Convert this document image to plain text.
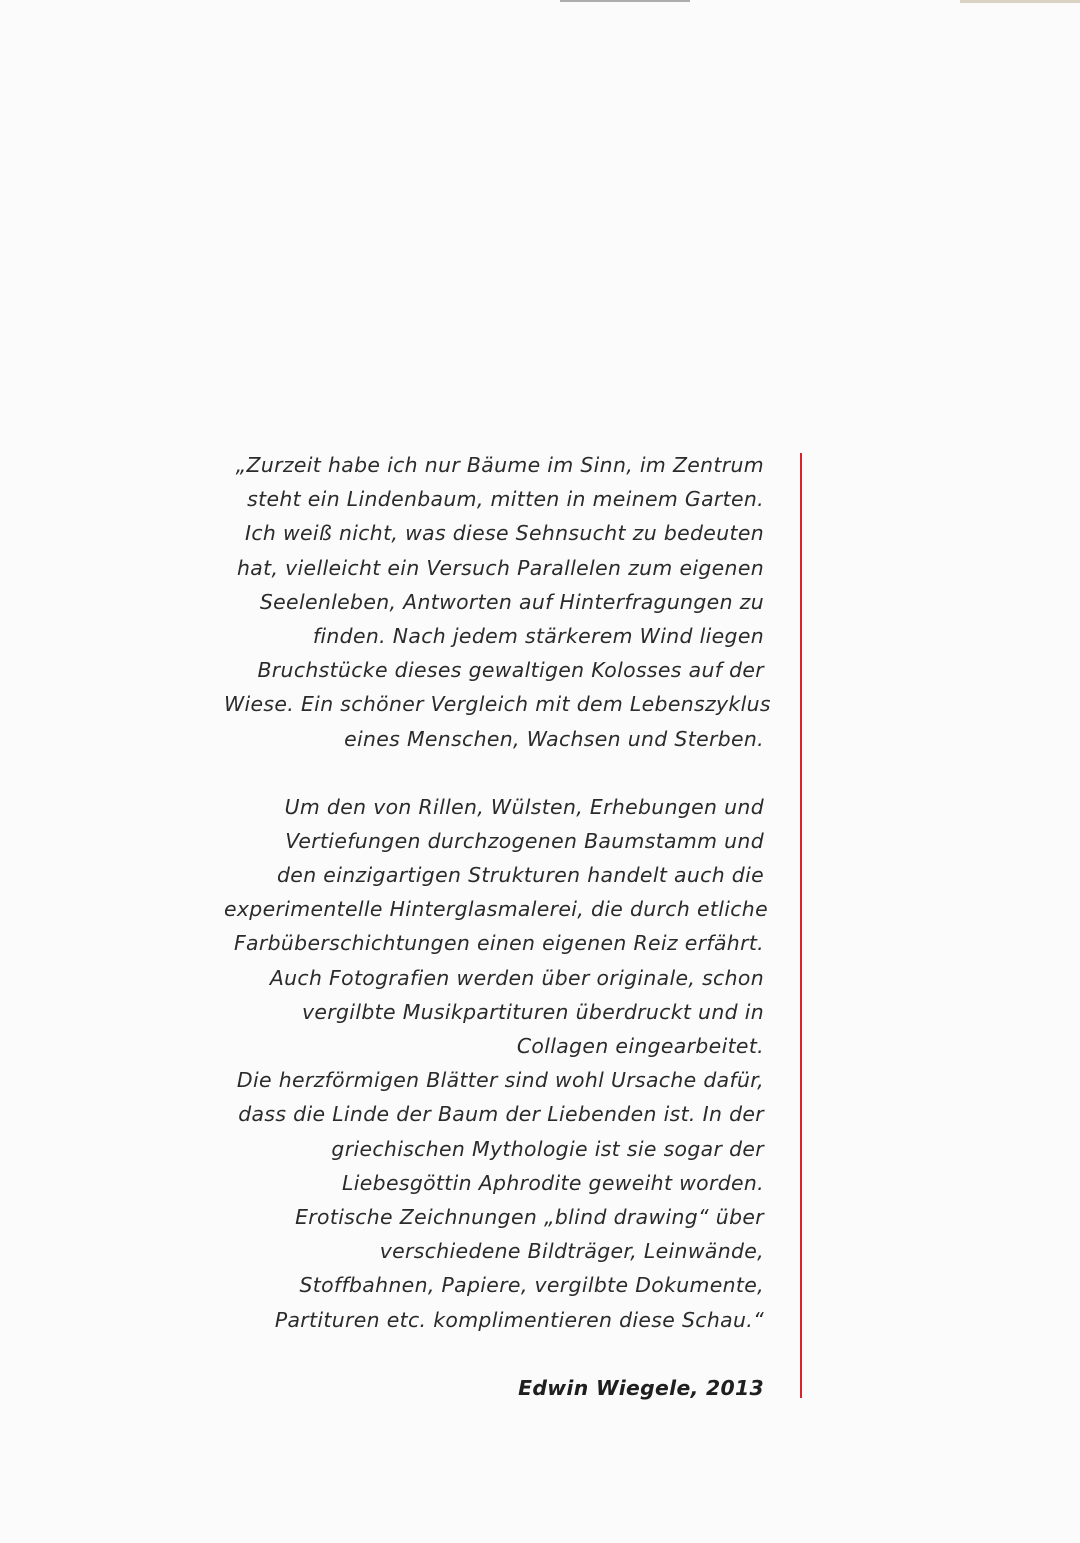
„Zurzeit habe ich nur Bäume im Sinn, im Zentrum
steht ein Lindenbaum, mitten in meinem Garten.
Ich weiß nicht, was diese Sehnsucht zu bedeuten
hat, vielleicht ein Versuch Parallelen zum eigenen
Seelenleben, Antworten auf Hinterfragungen zu
finden. Nach jedem stärkerem Wind liegen
Bruchstücke dieses gewaltigen Kolosses auf der
Wiese. Ein schöner Vergleich mit dem Lebenszyklus
eines Menschen, Wachsen und Sterben.
Um den von Rillen, Wülsten, Erhebungen und
Vertiefungen durchzogenen Baumstamm und
den einzigartigen Strukturen handelt auch die
experimentelle Hinterglasmalerei, die durch etliche
Farbüberschichtungen einen eigenen Reiz erfährt.
Auch Fotografien werden über originale, schon
vergilbte Musikpartituren überdruckt und in
Collagen eingearbeitet.
Die herzförmigen Blätter sind wohl Ursache dafür,
dass die Linde der Baum der Liebenden ist. In der
griechischen Mythologie ist sie sogar der
Liebesgöttin Aphrodite geweiht worden.
Erotische Zeichnungen „blind drawing“ über
verschiedene Bildträger, Leinwände,
Stoffbahnen, Papiere, vergilbte Dokumente,
Partituren etc. komplimentieren diese Schau.“
Edwin Wiegele, 2013
